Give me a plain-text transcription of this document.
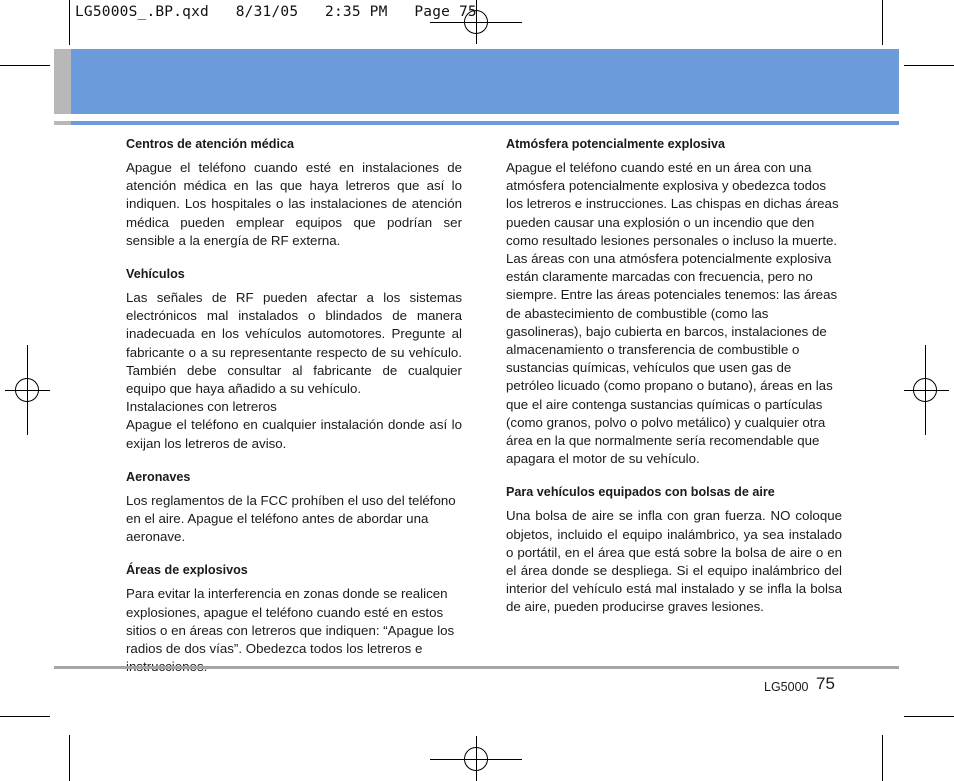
LG5000S_.BP.qxd   8/31/05   2:35 PM   Page 75
Centros de atención médica

Apague el teléfono cuando esté en instalaciones de atención médica en las que haya letreros que así lo indiquen. Los hospitales o las instalaciones de atención médica pueden emplear equipos que podrían ser sensible a la energía de RF externa.

Vehículos

Las señales de RF pueden afectar a los sistemas electrónicos mal instalados o blindados de manera inadecuada en los vehículos automotores. Pregunte al fabricante o a su representante respecto de su vehículo. También debe consultar al fabricante de cualquier equipo que haya añadido a su vehículo.

Instalaciones con letreros

Apague el teléfono en cualquier instalación donde así lo exijan los letreros de aviso.

Aeronaves

Los reglamentos de la FCC prohíben el uso del teléfono en el aire. Apague el teléfono antes de abordar una aeronave.

Áreas de explosivos

Para evitar la interferencia en zonas donde se realicen explosiones, apague el teléfono cuando esté en estos sitios o en áreas con letreros que indiquen: “Apague los radios de dos vías”. Obedezca todos los letreros e

Atmósfera potencialmente explosiva

Apague el teléfono cuando esté en un área con una atmósfera potencialmente explosiva y obedezca todos los letreros e instrucciones. Las chispas en dichas áreas pueden causar una explosión o un incendio que den como resultado lesiones personales o incluso la muerte. Las áreas con una atmósfera potencialmente explosiva están claramente marcadas con frecuencia, pero no siempre. Entre las áreas potenciales tenemos: las áreas de abastecimiento de combustible (como las gasolineras), bajo cubierta en barcos, instalaciones de almacenamiento o transferencia de combustible o sustancias químicas, vehículos que usen gas de petróleo licuado (como propano o butano), áreas en las que el aire contenga sustancias químicas o partículas (como granos, polvo o polvo metálico) y cualquier otra área en la que normalmente sería recomendable que apagara el motor de su vehículo.

Para vehículos equipados con bolsas de aire

Una bolsa de aire se infla con gran fuerza. NO coloque objetos, incluido el equipo inalámbrico, ya sea instalado o portátil, en el área que está sobre la bolsa de aire o en el área donde se despliega. Si el equipo inalámbrico del interior del vehículo está mal instalado y se infla la bolsa de aire, pueden producirse graves lesiones.

LG5000 75
